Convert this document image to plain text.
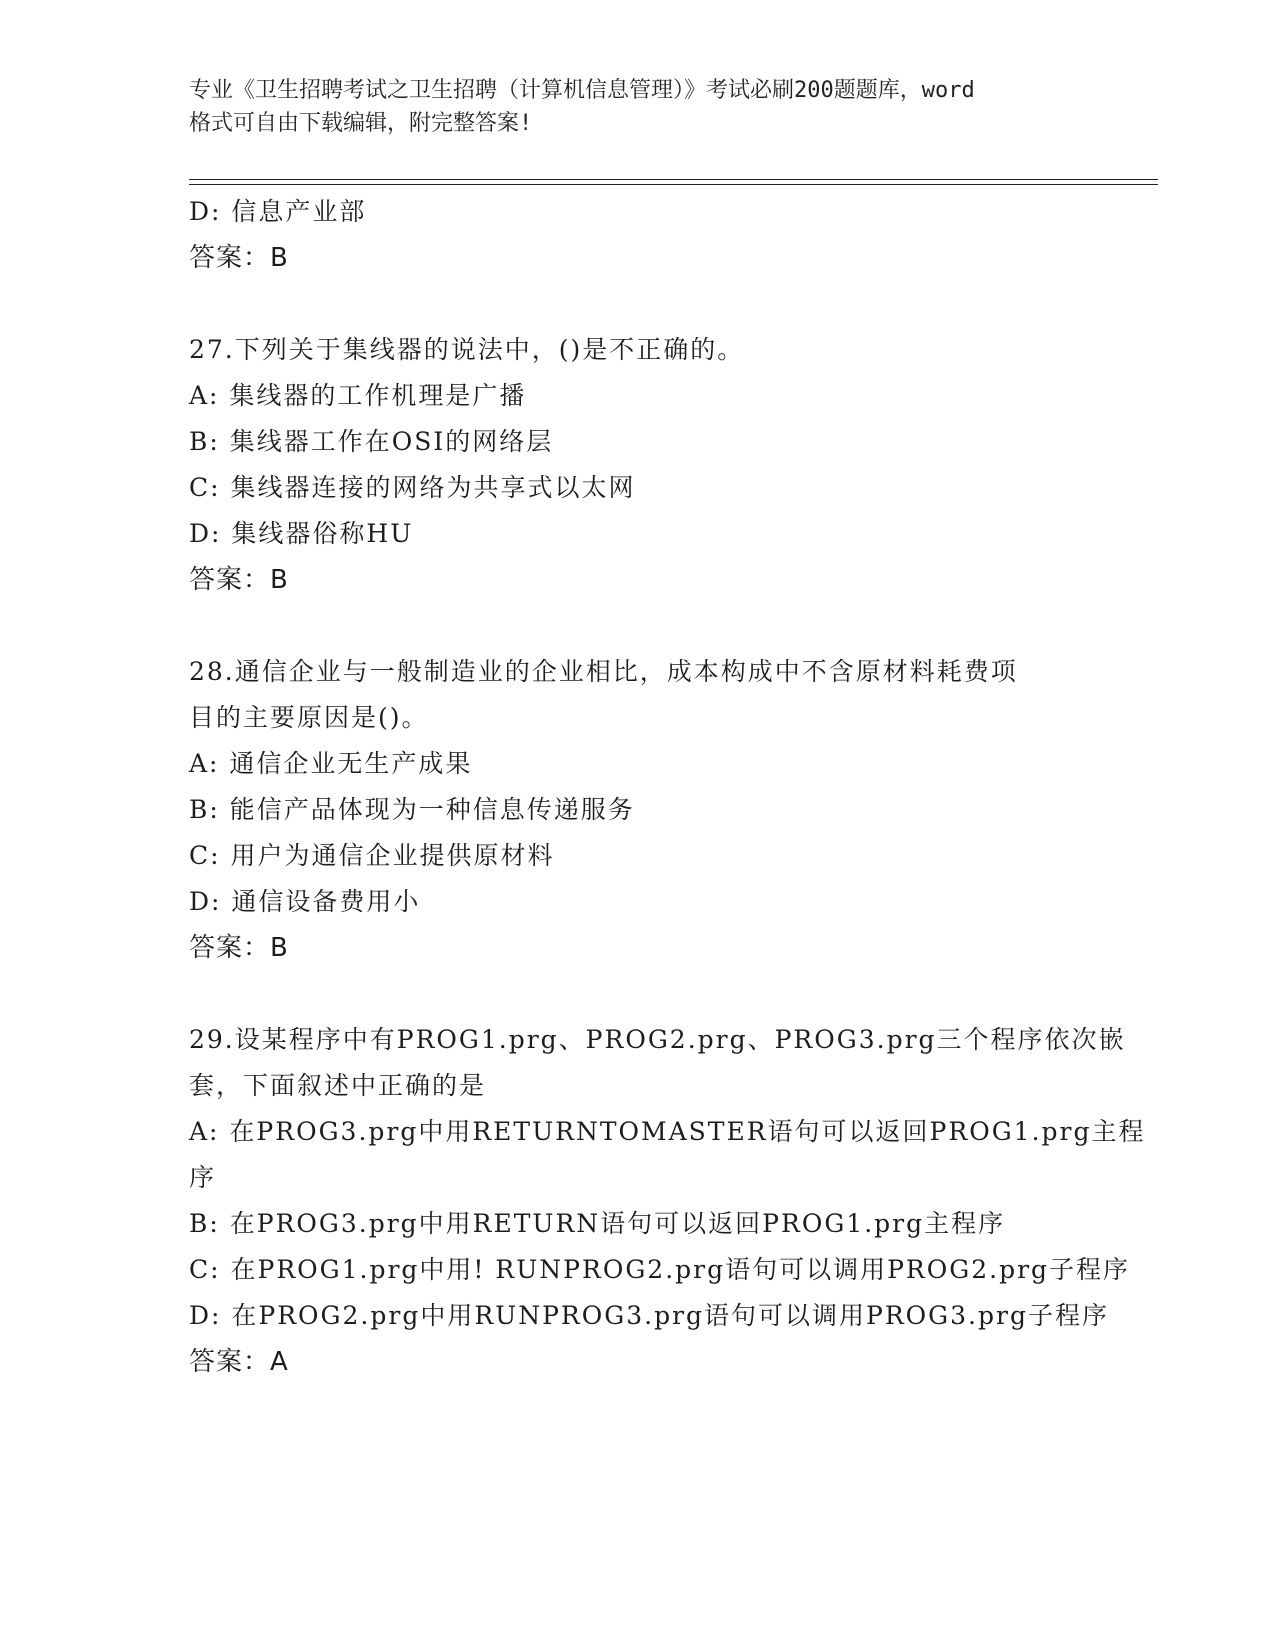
专业《卫生招聘考试之卫生招聘（计算机信息管理）》考试必刷200题题库，word
格式可自由下载编辑，附完整答案!
D: 信息产业部
答案：B
27.下列关于集线器的说法中，()是不正确的。
A: 集线器的工作机理是广播
B: 集线器工作在OSI的网络层
C: 集线器连接的网络为共享式以太网
D: 集线器俗称HU
答案：B
28.通信企业与一般制造业的企业相比，成本构成中不含原材料耗费项
目的主要原因是()。
A: 通信企业无生产成果
B: 能信产品体现为一种信息传递服务
C: 用户为通信企业提供原材料
D: 通信设备费用小
答案：B
29.设某程序中有PROG1.prg、PROG2.prg、PROG3.prg三个程序依次嵌
套，下面叙述中正确的是
A: 在PROG3.prg中用RETURNTOMASTER语句可以返回PROG1.prg主程
序
B: 在PROG3.prg中用RETURN语句可以返回PROG1.prg主程序
C: 在PROG1.prg中用! RUNPROG2.prg语句可以调用PROG2.prg子程序
D: 在PROG2.prg中用RUNPROG3.prg语句可以调用PROG3.prg子程序
答案：A
